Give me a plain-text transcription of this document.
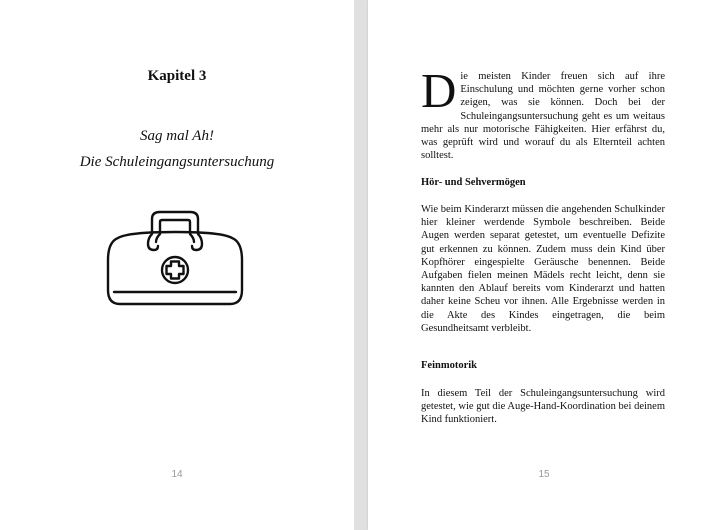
Kapitel 3
Sag mal Ah!
Die Schuleingangsuntersuchung
14

Die meisten Kinder freuen sich auf ihre Einschulung und möchten gerne vorher schon zeigen, was sie können. Doch bei der Schuleingangsuntersuchung geht es um weitaus mehr als nur motorische Fähigkeiten. Hier erfährst du, was geprüft wird und worauf du als Elternteil achten solltest.

Hör- und Sehvermögen

Wie beim Kinderarzt müssen die angehenden Schulkinder hier kleiner werdende Symbole beschreiben. Beide Augen werden separat getestet, um eventuelle Defizite gut erkennen zu können. Zudem muss dein Kind über Kopfhörer eingespielte Geräusche benennen. Beide Aufgaben fielen meinen Mädels recht leicht, denn sie kannten den Ablauf bereits vom Kinderarzt und hatten daher keine Scheu vor ihnen. Alle Ergebnisse werden in die Akte des Kindes eingetragen, die beim Gesundheitsamt verbleibt.

Feinmotorik

In diesem Teil der Schuleingangsuntersuchung wird getestet, wie gut die Auge-Hand-Koordination bei deinem Kind funktioniert.

15
